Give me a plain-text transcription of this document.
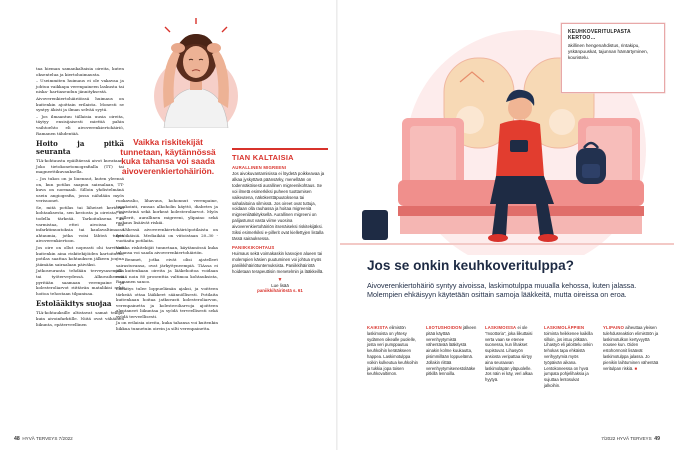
taa hieman samankaltaisia oireita, kuten oksentelua ja kiertohuimausta.

– Useimmiten huimaus ei ole vakavaa ja johtuu vaikkapa verenpaineen laskusta tai niska- hartiaseudun jännityksestä.

Aivoverenkiertohäiriöissä huimaus on kuitenkin ajoittain erilaista. Monesti se syntyy äkisti ja ilman selvää syytä.

– Jos ilmaantuu tällaisia uusia oireita, täytyy ensisijaisesti miettiä pahin vaihtoehto eli aivoverenkiertohäiriö, Ramanen tähdentää.

Hoito ja pitkä seuranta

TIA-kohtausta epäiltäessä aivot kuvataan. Joko tietokonetomografialla (TT) tai magneettikuvauksella.

– Jos tukos on jo liuennut, kuten yleensä on, kun potilas saapuu sairaalaan, TT-kuva on normaali. Silloin yhdistelmänä usein angiografia, jossa nähdään myös verisuonet.

Se, mitä potilas tai läheiset kertovat kohtauksesta, sen kestosta ja oireista, on todella tärkeää. Tarkoituksena on varmistaa, ettei aivoissa ole infarktimuutoksia tai kaulavaltimossa ahtaumia, jotka voisi lähteä tukos aivoverenkiertoon.

Jos oire on ollut nopeasti ohi tarvitsee kuitenkin aina riskitekijöiden kartoitusta, potilas saattaa kohtauksen jälkeen joutua jäämään sairaalaan päiväksi.

Jatkoseuranta tehdään terveysasemalla tai työterveydessä. Alkuvaiheessa pyritään saamaan verenpaine ja kolesteroliarvot riittävän matalikisi sekä hoitoa tehostaan tilpanisaa.

Estolääkitys suojaa

TIA-kohtauksille altistavat samat tekijät kuin aivoinfarktille. Niitä ovat vähäinen liikunta, epäterveellinen

Vaikka riskitekijät tunnetaan, käytännössä kuka tahansa voi saada aivoverenkiertohäiriön.

ruokavalio, lihavuus, kohonnut verenpaine, tupakointi, runsas alkoholin käyttö, diabetes ja eteisvärinä sekä korkeat kolesteroliarvot. Myös e-pillerit, aurallinen migreeni, ylipaino sekä raskaus lisäävät riskiä.

– Vähessä aivoverenkiertohäiriöpotilaista on tyttöikäisiä. Mediaikää on viitoistaan 20–30 -vuotiaita potilaita.

Vaikka riskitekijät tunnetaan, käytännössä kuka tahansa voi saada aivoverenkiertohäiriön.

– Benmet, jotka eivät olisi ajatelleet sairastuvansa, ovat järkyttyneempiä. TIAssa ei jää kuitenkaan oireita ja lääkehoitoa voidaan estää noin 80 prosenttia valtimoa kohtauksista, Ramanen sanoo.

Lääkitys tulee loppuelämän ajaksi, ja voitteen tärkeää ottaa lääkkeet säännöllisesti. Potilaita kuitenkaan hoitaa jatkuvasti kolesteroliarvon, verenpainetta ja kolesteroliarvoja ajoitteen alentaneet liikuntaa ja syödä terveellisesti sekä syödä terveellisesti.

Ja on erilaisia oireita, kuka tahansa voi kuitenkin liikkua tunnetuin oirein ja silti verenpainetta.

TIAN KALTAISIA
AURALLINEN MIGREENI
Jos aivokuvantamisissa ei löydetä poikkeavaa ja alkaa jyskyttävä päänsärky, menellään on todennäköisesti aurallinen migreenikohtaus. Se voi ilmetä esimerkiksi puheen tuottamisen vaikeutena, näkökenttäpuutoksena tai sahalaitoina silmissä. Jos oireet ovat tuttuja, voidaan olla rauhassa ja hoitaa migreeniä migreenilääkityksellä. Aurallinen migreeni on palijastunut vasta viime vuosina aivoverenkiertohäiriön itsenäiseksi riskitekijäksi. Siksi esimerkiksi e-pillerit ovat kiellettyjen listalla tässä sairauksessa.
PANIIKKIKOHTAUS
Huimaus sekä voimakaskin kasvojen alueen tai molempien käsien puutuminen voi johtua myös paniikkihäiriötuntemuksista. Paniikkihäiriötä hoidetaan terapeuttisin menetelmin ja lääkkeillä.
▼
Lue lisää
paniikkihäiriöstä s. 61
48 HYVÄ TERVEYS 7/2022
KEUHKOVERITULPASTA KERTOO…
äkillinen hengenahdistus, rintakipu, yskänpuuskat, tajunnan hämärtyminen, kouristelu.
Jos se onkin keuhkoveritulppa?
Aivoverenkiertohäiriö syntyy aivoissa, laskimotulppa muualla kehossa, kuten jalassa. Molempien ehkäisyyn käytetään osittain samoja lääkkeitä, mutta oireissa on eroa.
KAIKISTA elimistön laskimoista on yhtesy sydämen oikealle puolelle, josta veri pumppautuu keuhkoihin kerätäkseen happea. Laskimotulppa voikin kulkeutua keuhkoihin ja tukkia jopa toisen keuhkovaltimon.
LIIOTUSHOIDON jälkeen pitää käyttää verenhyytymistä vähentävää lääkitystä ainakin kolme kuukautta, pisimmillään loppuelämä. Jollakin riittää verenhyytymisenestolääke pitkillä lennoilla.
LASKIMOISSA ei ole "moottoria", joka liikuttaisi verta vaan se etenee suonessa, kun lihakset supistuvat. Lihasyön ansiosta veripattaa siirtyy aina seuraavan laskimoläpän yläpuolelle. Jos näin ei käy, veri alkaa hyytyä.
LASKIMOLÄPPIEN toiminta heikkenee kaikilla silloin, jos istuu pitkään. Lihastyö eli jaloittelu onkin tehokas tapa ehkäistä verihyytymiä myös työpäivän aikana. Lentokoneessa on hyvä jumpata pohjelihaksia ja sujuttaa lentosukat jalkoihin.
YLIPAINO aiheuttaa yleisen tulehdusreaktion elimistöön ja laskimotulkon kertyvyyttä nousee kun. Oiden estohormonit lisäävät laskimotulppa jalassa. Jo pienikin laihtuminen vähentää veritulpan riskiä. ■
7/2022 HYVÄ TERVEYS 49
